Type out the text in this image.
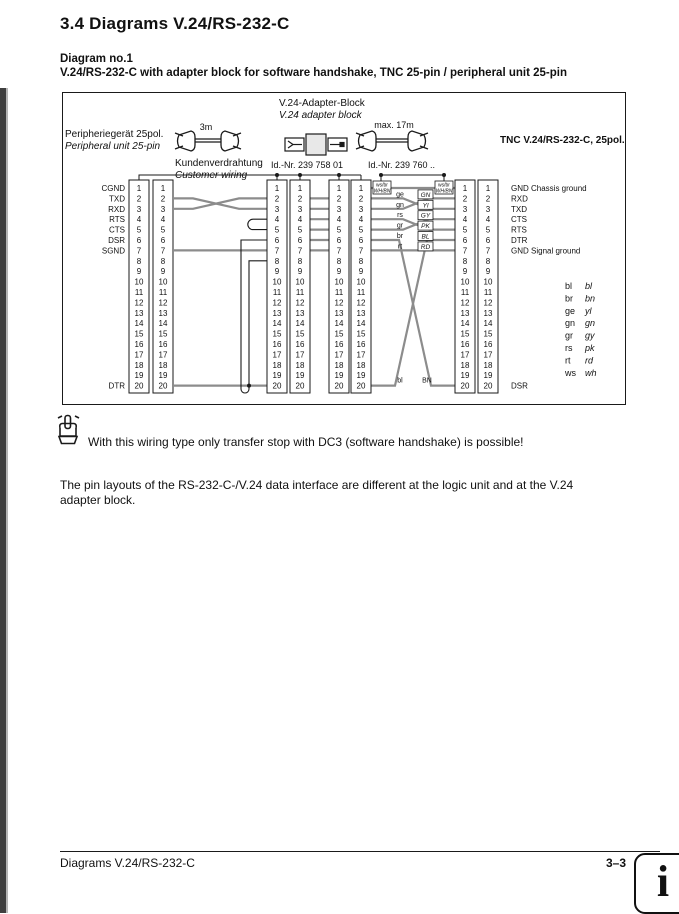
3.4 Diagrams V.24/RS-232-C
Diagram no.1
V.24/RS-232-C with adapter block for software handshake, TNC 25-pin / peripheral unit 25-pin
V.24-Adapter-Block
V.24 adapter block
Peripheriegerät 25pol.
Peripheral unit 25-pin
3m
Kundenverdrahtung
Customer wiring
Id.-Nr. 239 758 01
max. 17m
Id.-Nr. 239 760 ..
TNC V.24/RS-232-C, 25pol.
ws/br
WH/BN
ws/br
WH/BN
1
2
3
4
5
6
7
8
9
10
11
12
13
14
15
16
17
18
19
20
1
2
3
4
5
6
7
8
9
10
11
12
13
14
15
16
17
18
19
20
1
2
3
4
5
6
7
8
9
10
11
12
13
14
15
16
17
18
19
20
1
2
3
4
5
6
7
8
9
10
11
12
13
14
15
16
17
18
19
20
1
2
3
4
5
6
7
8
9
10
11
12
13
14
15
16
17
18
19
20
1
2
3
4
5
6
7
8
9
10
11
12
13
14
15
16
17
18
19
20
1
2
3
4
5
6
7
8
9
10
11
12
13
14
15
16
17
18
19
20
1
2
3
4
5
6
7
8
9
10
11
12
13
14
15
16
17
18
19
20
CGND
TXD
RXD
RTS
CTS
DSR
SGND
DTR
GND Chassis ground
RXD
TXD
CTS
RTS
DTR
GND Signal ground
DSR
ge
gn
rs
gr
br
rt
GN
Yl
GY
PK
BL
RD
bl	BN
bl bl
br bn
ge yl
gn gn
gr gy
rs pk
rt rd
ws wh
With this wiring type only transfer stop with DC3 (software handshake) is possible!
The pin layouts of the RS-232-C-/V.24 data interface are different at the logic unit and at the V.24 adapter block.
Diagrams V.24/RS-232-C	3–3 i
